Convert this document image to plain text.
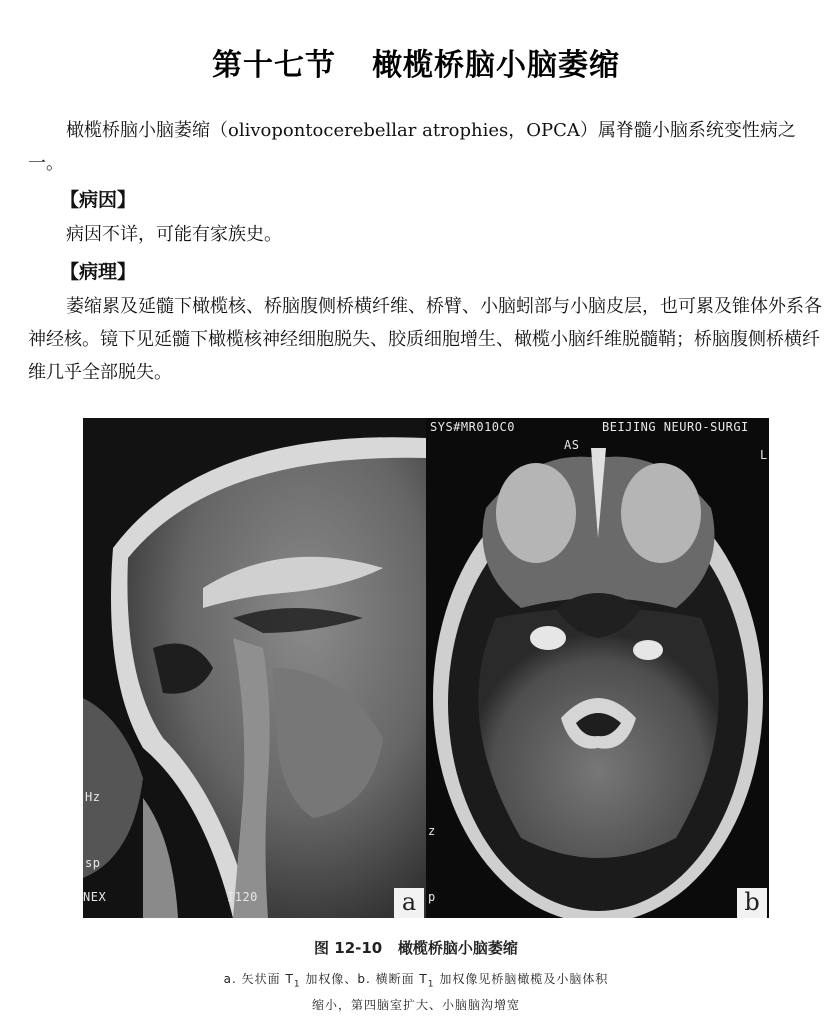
第十七节 橄榄桥脑小脑萎缩

橄榄桥脑小脑萎缩（olivopontocerebellar atrophies，OPCA）属脊髓小脑系统变性病之一。

【病因】

病因不详，可能有家族史。

【病理】

萎缩累及延髓下橄榄核、桥脑腹侧桥横纤维、桥臂、小脑蚓部与小脑皮层，也可累及锥体外系各神经核。镜下见延髓下橄榄核神经细胞脱失、胶质细胞增生、橄榄小脑纤维脱髓鞘；桥脑腹侧桥横纤维几乎全部脱失。

Hz
sp
NEX	I120	a
SYS#MR010C0	BEIJING NEURO-SURGI
AS
L
z
p	b
图 12-10 橄榄桥脑小脑萎缩
a. 矢状面 $T_1$ 加权像、b. 横断面 $T_1$ 加权像见桥脑橄榄及小脑体积
缩小，第四脑室扩大、小脑脑沟增宽
